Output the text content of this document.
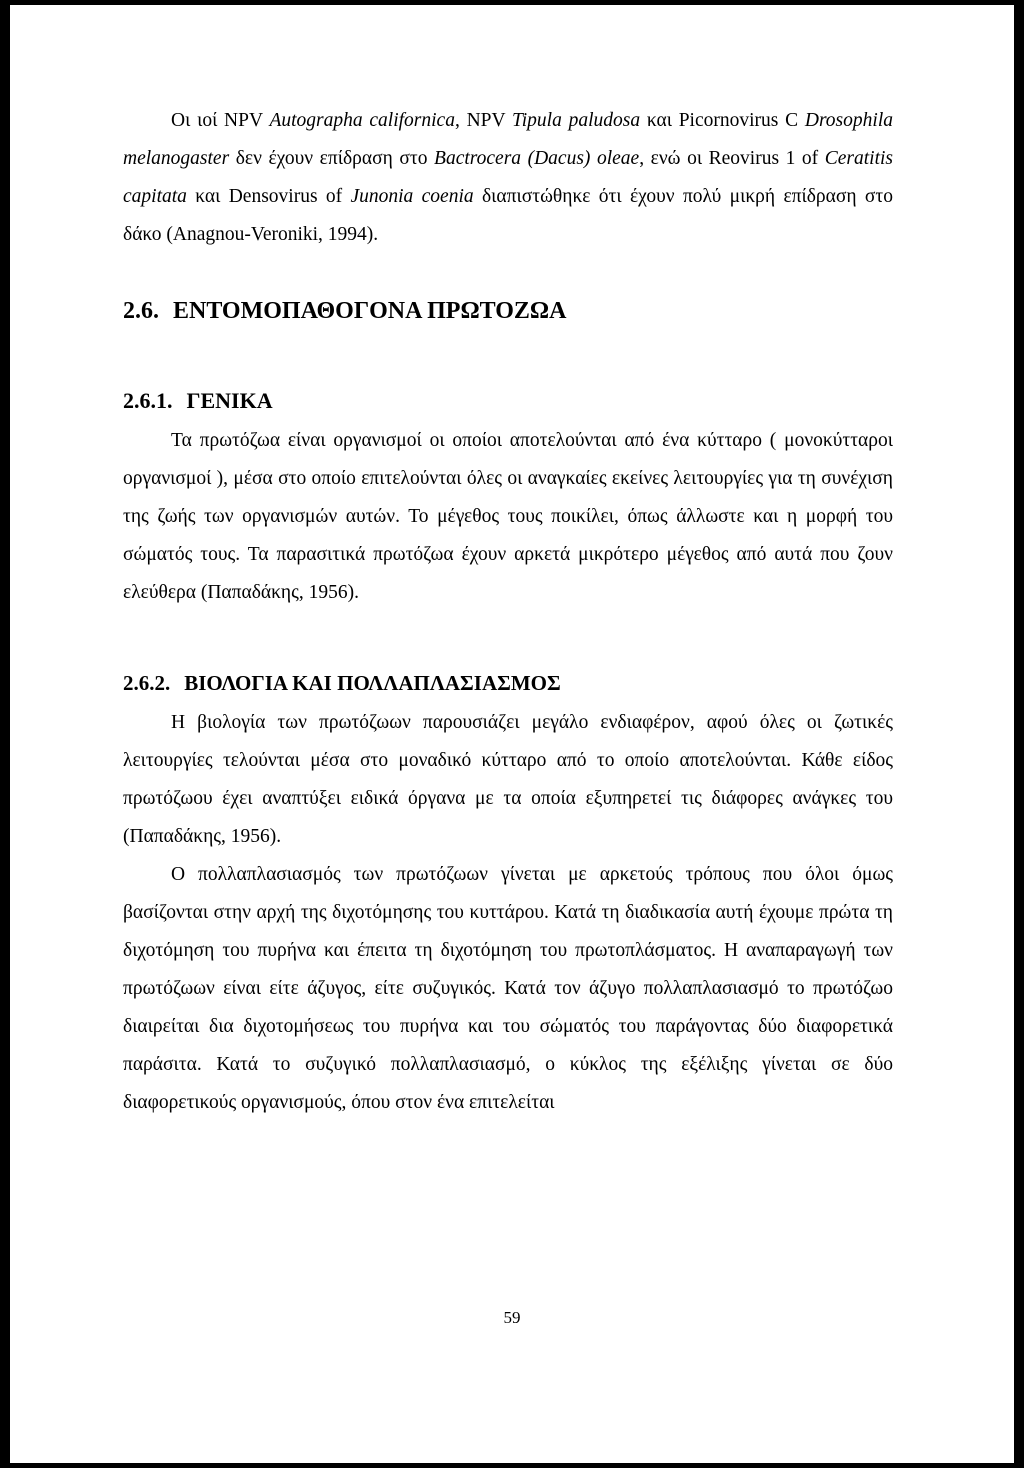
Οι ιοί NPV Autographa californica, NPV Tipula paludosa και Picornovirus C Drosophila melanogaster δεν έχουν επίδραση στο Bactrocera (Dacus) oleae, ενώ οι Reovirus 1 of Ceratitis capitata και Densovirus of Junonia coenia διαπιστώθηκε ότι έχουν πολύ μικρή επίδραση στο δάκο (Anagnou-Veronikі, 1994).

2.6. ΕΝΤΟΜΟΠΑΘΟΓΟΝΑ ΠΡΩΤΟΖΩΑ
2.6.1. ΓΕΝΙΚΑ

Τα πρωτόζωα είναι οργανισμοί οι οποίοι αποτελούνται από ένα κύτταρο ( μονοκύτταροι οργανισμοί ), μέσα στο οποίο επιτελούνται όλες οι αναγκαίες εκείνες λειτουργίες για τη συνέχιση της ζωής των οργανισμών αυτών. Το μέγεθος τους ποικίλει, όπως άλλωστε και η μορφή του σώματός τους. Τα παρασιτικά πρωτόζωα έχουν αρκετά μικρότερο μέγεθος από αυτά που ζουν ελεύθερα (Παπαδάκης, 1956).

2.6.2. ΒΙΟΛΟΓΙΑ ΚΑΙ ΠΟΛΛΑΠΛΑΣΙΑΣΜΟΣ

Η βιολογία των πρωτόζωων παρουσιάζει μεγάλο ενδιαφέρον, αφού όλες οι ζωτικές λειτουργίες τελούνται μέσα στο μοναδικό κύτταρο από το οποίο αποτελούνται. Κάθε είδος πρωτόζωου έχει αναπτύξει ειδικά όργανα με τα οποία εξυπηρετεί τις διάφορες ανάγκες του (Παπαδάκης, 1956).

Ο πολλαπλασιασμός των πρωτόζωων γίνεται με αρκετούς τρόπους που όλοι όμως βασίζονται στην αρχή της διχοτόμησης του κυττάρου. Κατά τη διαδικασία αυτή έχουμε πρώτα τη διχοτόμηση του πυρήνα και έπειτα τη διχοτόμηση του πρωτοπλάσματος. Η αναπαραγωγή των πρωτόζωων είναι είτε άζυγος, είτε συζυγικός. Κατά τον άζυγο πολλαπλασιασμό το πρωτόζωο διαιρείται δια διχοτομήσεως του πυρήνα και του σώματός του παράγοντας δύο διαφορετικά παράσιτα. Κατά το συζυγικό πολλαπλασιασμό, ο κύκλος της εξέλιξης γίνεται σε δύο διαφορετικούς οργανισμούς, όπου στον ένα επιτελείται

59
